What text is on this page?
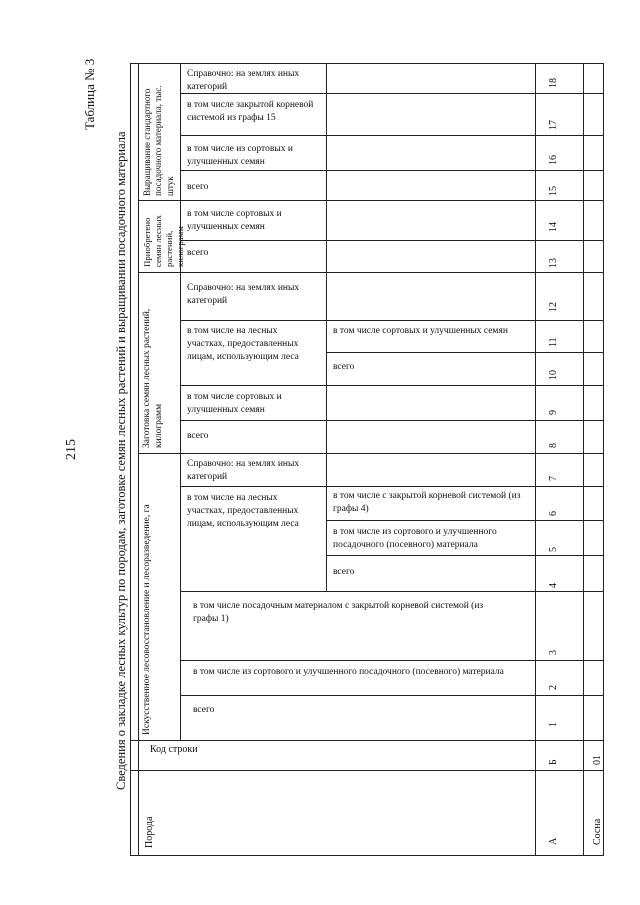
215
Таблица № 3
Сведения о закладке лесных культур по породам, заготовке семян лесных растений и выращивании посадочного материала Искусственное лесовосстановление и лесоразведение, га
Заготовка семян лесных растений, килограмм
Приобретено семян лесных растений, килограмм
Выращивание стандартного посадочного материала, тыс. штук
Справочно: на землях иных категорий
в том числе закрытой корневой системой из графы 15
в том числе из сортовых и улучшенных семян
всего
в том числе сортовых и улучшенных семян
всего
Справочно: на землях иных категорий
в том числе на лесных участках, предоставленных лицам, использующим леса
в том числе сортовых и улучшенных семян
всего
в том числе сортовых и улучшенных семян
всего
Справочно: на землях иных категорий
в том числе на лесных участках, предоставленных лицам, использующим леса
в том числе с закрытой корневой системой (из графы 4)
в том числе из сортового и улучшенного посадочного (посевного) материала
всего
в том числе посадочным материалом с закрытой корневой системой (из графы 1)
в том числе из сортового и улучшенного посадочного (посевного) материала
всего
Код строки
Порода	А
Б
1
2
3
4
5
6
7
8
9
10
11
12
13
14
15
16
17
18
Сосна
01
